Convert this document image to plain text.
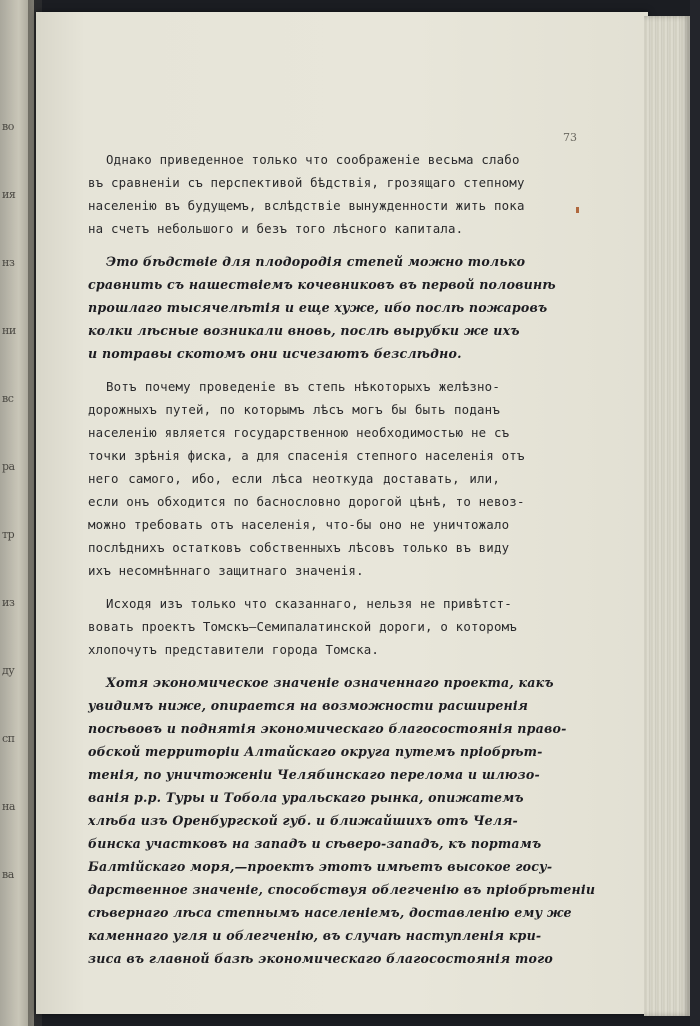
во
ия
нз
ни
вс
ра
тр
из
ду
сп
на
ва
73
Однако приведенное только что соображеніе весьма слабо
въ сравненіи съ перспективой бѣдствія, грозящаго степному
населенію въ будущемъ, вслѣдствіе вынужденности жить пока
на счетъ небольшого и безъ того лѣсного капитала.
Это бѣдствіе для плодородія степей можно только
сравнить съ нашествіемъ кочевниковъ въ первой половинѣ
прошлаго тысячелѣтія и еще хуже, ибо послѣ пожаровъ
колки лѣсные возникали вновь, послѣ вырубки же ихъ
и потравы скотомъ они исчезаютъ безслѣдно.
Вотъ почему проведеніе въ степь нѣкоторыхъ желѣзно-
дорожныхъ путей, по которымъ лѣсъ могъ бы быть поданъ
населенію является государственною необходимостью не съ
точки зрѣнія фиска, а для спасенія степного населенія отъ
него самого, ибо, если лѣса неоткуда доставать, или,
если онъ обходится по баснословно дорогой цѣнѣ, то невоз-
можно требовать отъ населенія, что-бы оно не уничтожало
послѣднихъ остатковъ собственныхъ лѣсовъ только въ виду
ихъ несомнѣннаго защитнаго значенія.
Исходя изъ только что сказаннаго, нельзя не привѣтст-
вовать проектъ Томскъ—Семипалатинской дороги, о которомъ
хлопочутъ представители города Томска.
Хотя экономическое значеніе означеннаго проекта, какъ
увидимъ ниже, опирается на возможности расширенія
посѣвовъ и поднятія экономическаго благосостоянія право-
обской территоріи Алтайскаго округа путемъ пріобрѣт-
тенія, по уничтоженіи Челябинскаго перелома и шлюзо-
ванія р.р. Туры и Тобола уральскаго рынка, опижатемъ
хлѣба изъ Оренбургской губ. и ближайшихъ отъ Челя-
бинска участковъ на западъ и сѣверо-западъ, къ портамъ
Балтійскаго моря,—проектъ этотъ имѣетъ высокое госу-
дарственное значеніе, способствуя облегченію въ пріобрѣтеніи
сѣвернаго лѣса степнымъ населеніемъ, доставленію ему же
каменнаго угля и облегченію, въ случаѣ наступленія кри-
зиса въ главной базѣ экономическаго благосостоянія того
